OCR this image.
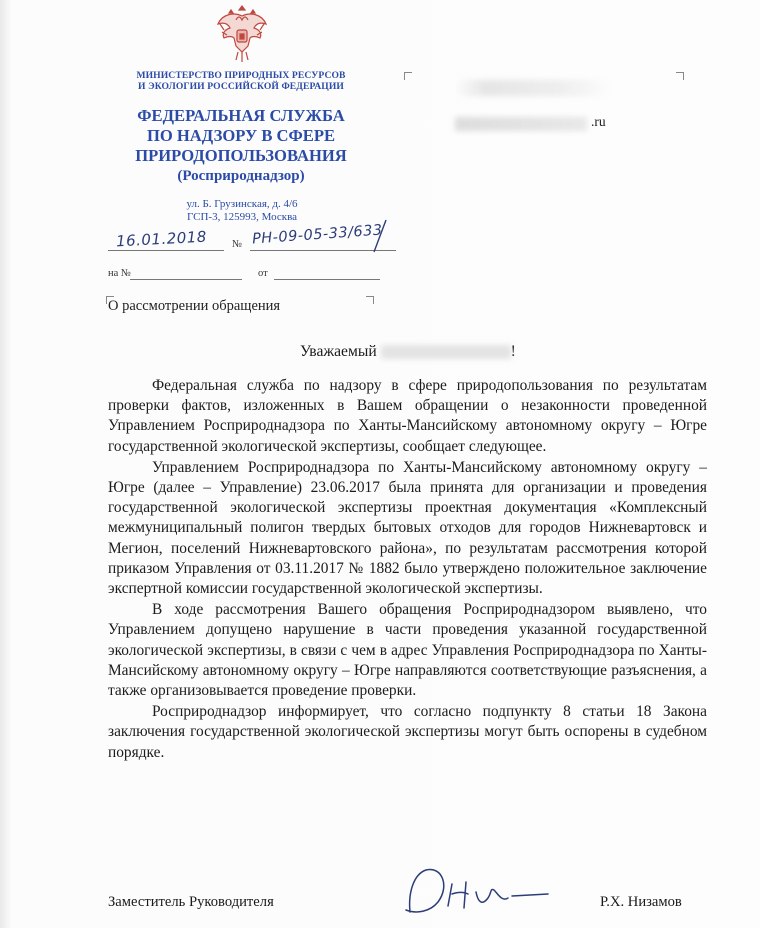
МИНИСТЕРСТВО ПРИРОДНЫХ РЕСУРСОВ
И ЭКОЛОГИИ РОССИЙСКОЙ ФЕДЕРАЦИИ
ФЕДЕРАЛЬНАЯ СЛУЖБА
ПО НАДЗОРУ В СФЕРЕ
ПРИРОДОПОЛЬЗОВАНИЯ
(Росприроднадзор)
ул. Б. Грузинская, д. 4/6
ГСП-3, 125993, Москва
16.01.2018 № РН-09-05-33/633
на №	от
О рассмотрении обращения
.ru
Уважаемый	!

Федеральная служба по надзору в сфере природопользования по результатам проверки фактов, изложенных в Вашем обращении о незаконности проведенной Управлением Росприроднадзора по Ханты-Мансийскому автономному округу – Югре государственной экологической экспертизы, сообщает следующее.

Управлением Росприроднадзора по Ханты-Мансийскому автономному округу – Югре (далее – Управление) 23.06.2017 была принята для организации и проведения государственной экологической экспертизы проектная документация «Комплексный межмуниципальный полигон твердых бытовых отходов для городов Нижневартовск и Мегион, поселений Нижневартовского района», по результатам рассмотрения которой приказом Управления от 03.11.2017 № 1882 было утверждено положительное заключение экспертной комиссии государственной экологической экспертизы.

В ходе рассмотрения Вашего обращения Росприроднадзором выявлено, что Управлением допущено нарушение в части проведения указанной государственной экологической экспертизы, в связи с чем в адрес Управления Росприроднадзора по Ханты-Мансийскому автономному округу – Югре направляются соответствующие разъяснения, а также организовывается проведение проверки.

Росприроднадзор информирует, что согласно подпункту 8 статьи 18 Закона заключения государственной экологической экспертизы могут быть оспорены в судебном порядке.

Заместитель Руководителя	Р.Х. Низамов
